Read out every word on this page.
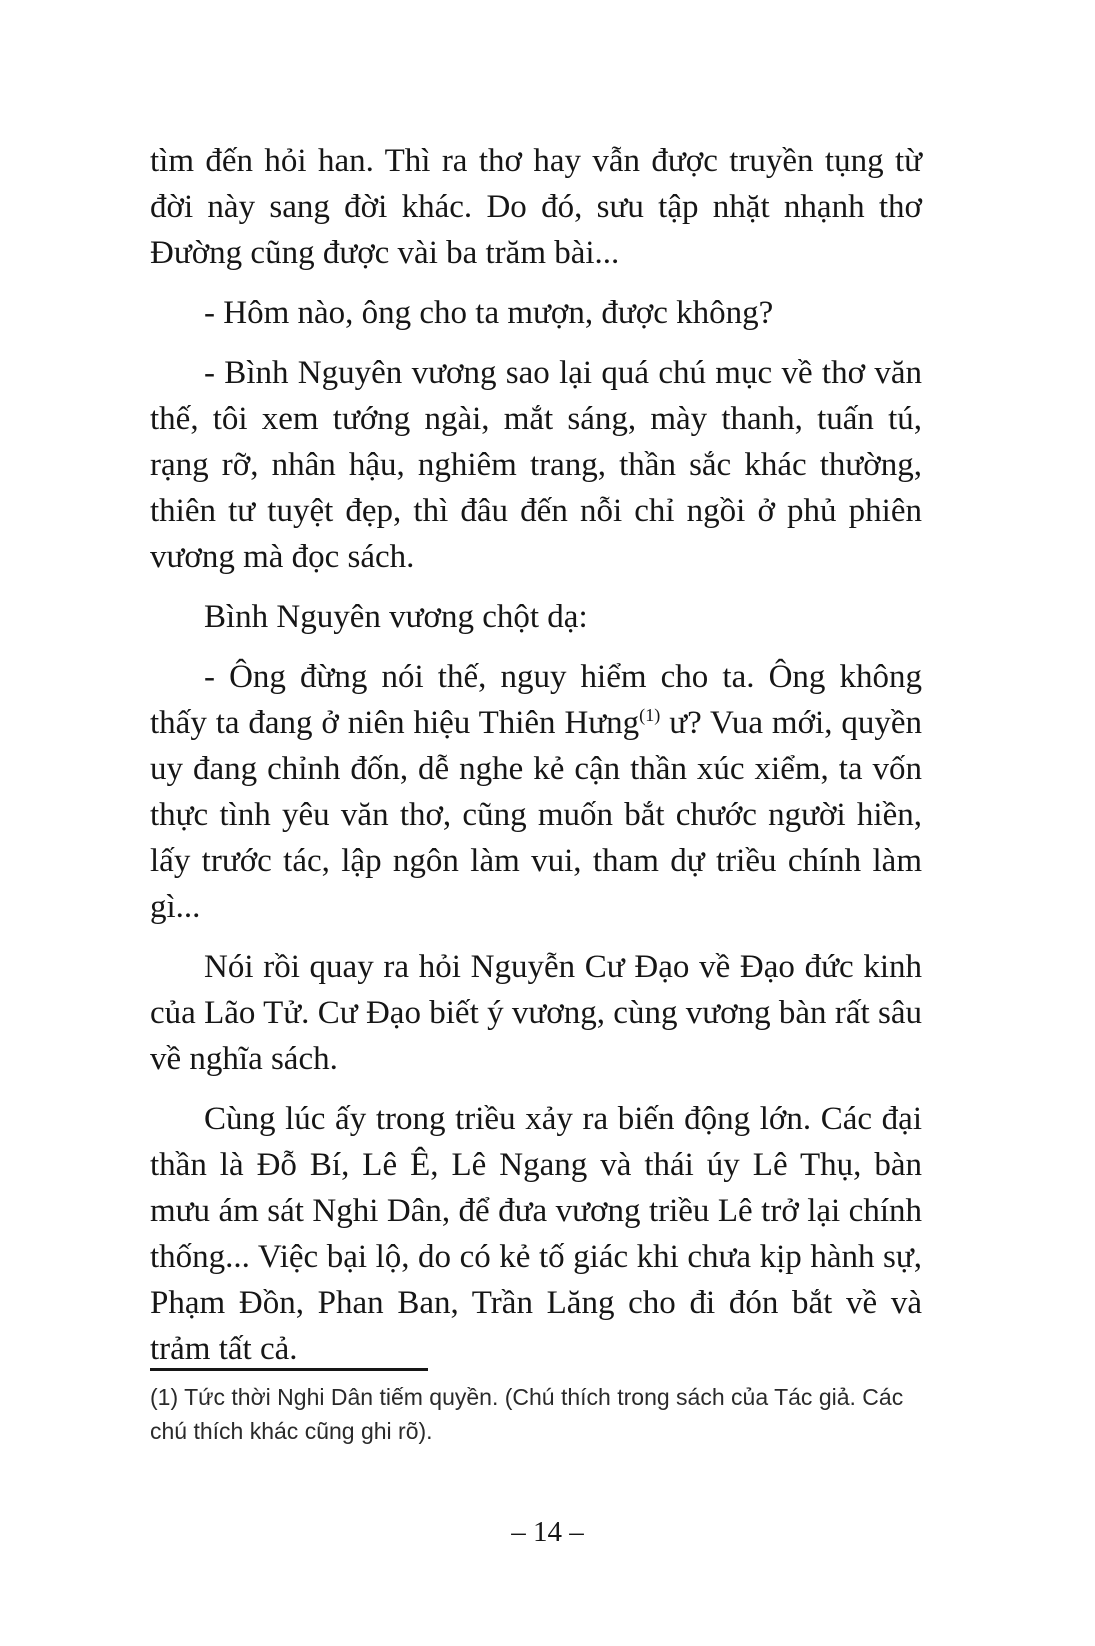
tìm đến hỏi han. Thì ra thơ hay vẫn được truyền tụng từ đời này sang đời khác. Do đó, sưu tập nhặt nhạnh thơ Đường cũng được vài ba trăm bài...

- Hôm nào, ông cho ta mượn, được không?

- Bình Nguyên vương sao lại quá chú mục về thơ văn thế, tôi xem tướng ngài, mắt sáng, mày thanh, tuấn tú, rạng rỡ, nhân hậu, nghiêm trang, thần sắc khác thường, thiên tư tuyệt đẹp, thì đâu đến nỗi chỉ ngồi ở phủ phiên vương mà đọc sách.

Bình Nguyên vương chột dạ:

- Ông đừng nói thế, nguy hiểm cho ta. Ông không thấy ta đang ở niên hiệu Thiên Hưng$^{(1)}$ ư? Vua mới, quyền uy đang chỉnh đốn, dễ nghe kẻ cận thần xúc xiểm, ta vốn thực tình yêu văn thơ, cũng muốn bắt chước người hiền, lấy trước tác, lập ngôn làm vui, tham dự triều chính làm gì...

Nói rồi quay ra hỏi Nguyễn Cư Đạo về Đạo đức kinh của Lão Tử. Cư Đạo biết ý vương, cùng vương bàn rất sâu về nghĩa sách.

Cùng lúc ấy trong triều xảy ra biến động lớn. Các đại thần là Đỗ Bí, Lê Ê, Lê Ngang và thái úy Lê Thụ, bàn mưu ám sát Nghi Dân, để đưa vương triều Lê trở lại chính thống... Việc bại lộ, do có kẻ tố giác khi chưa kịp hành sự, Phạm Đồn, Phan Ban, Trần Lăng cho đi đón bắt về và trảm tất cả.

(1) Tức thời Nghi Dân tiếm quyền. (Chú thích trong sách của Tác giả. Các chú thích khác cũng ghi rõ).

– 14 –
